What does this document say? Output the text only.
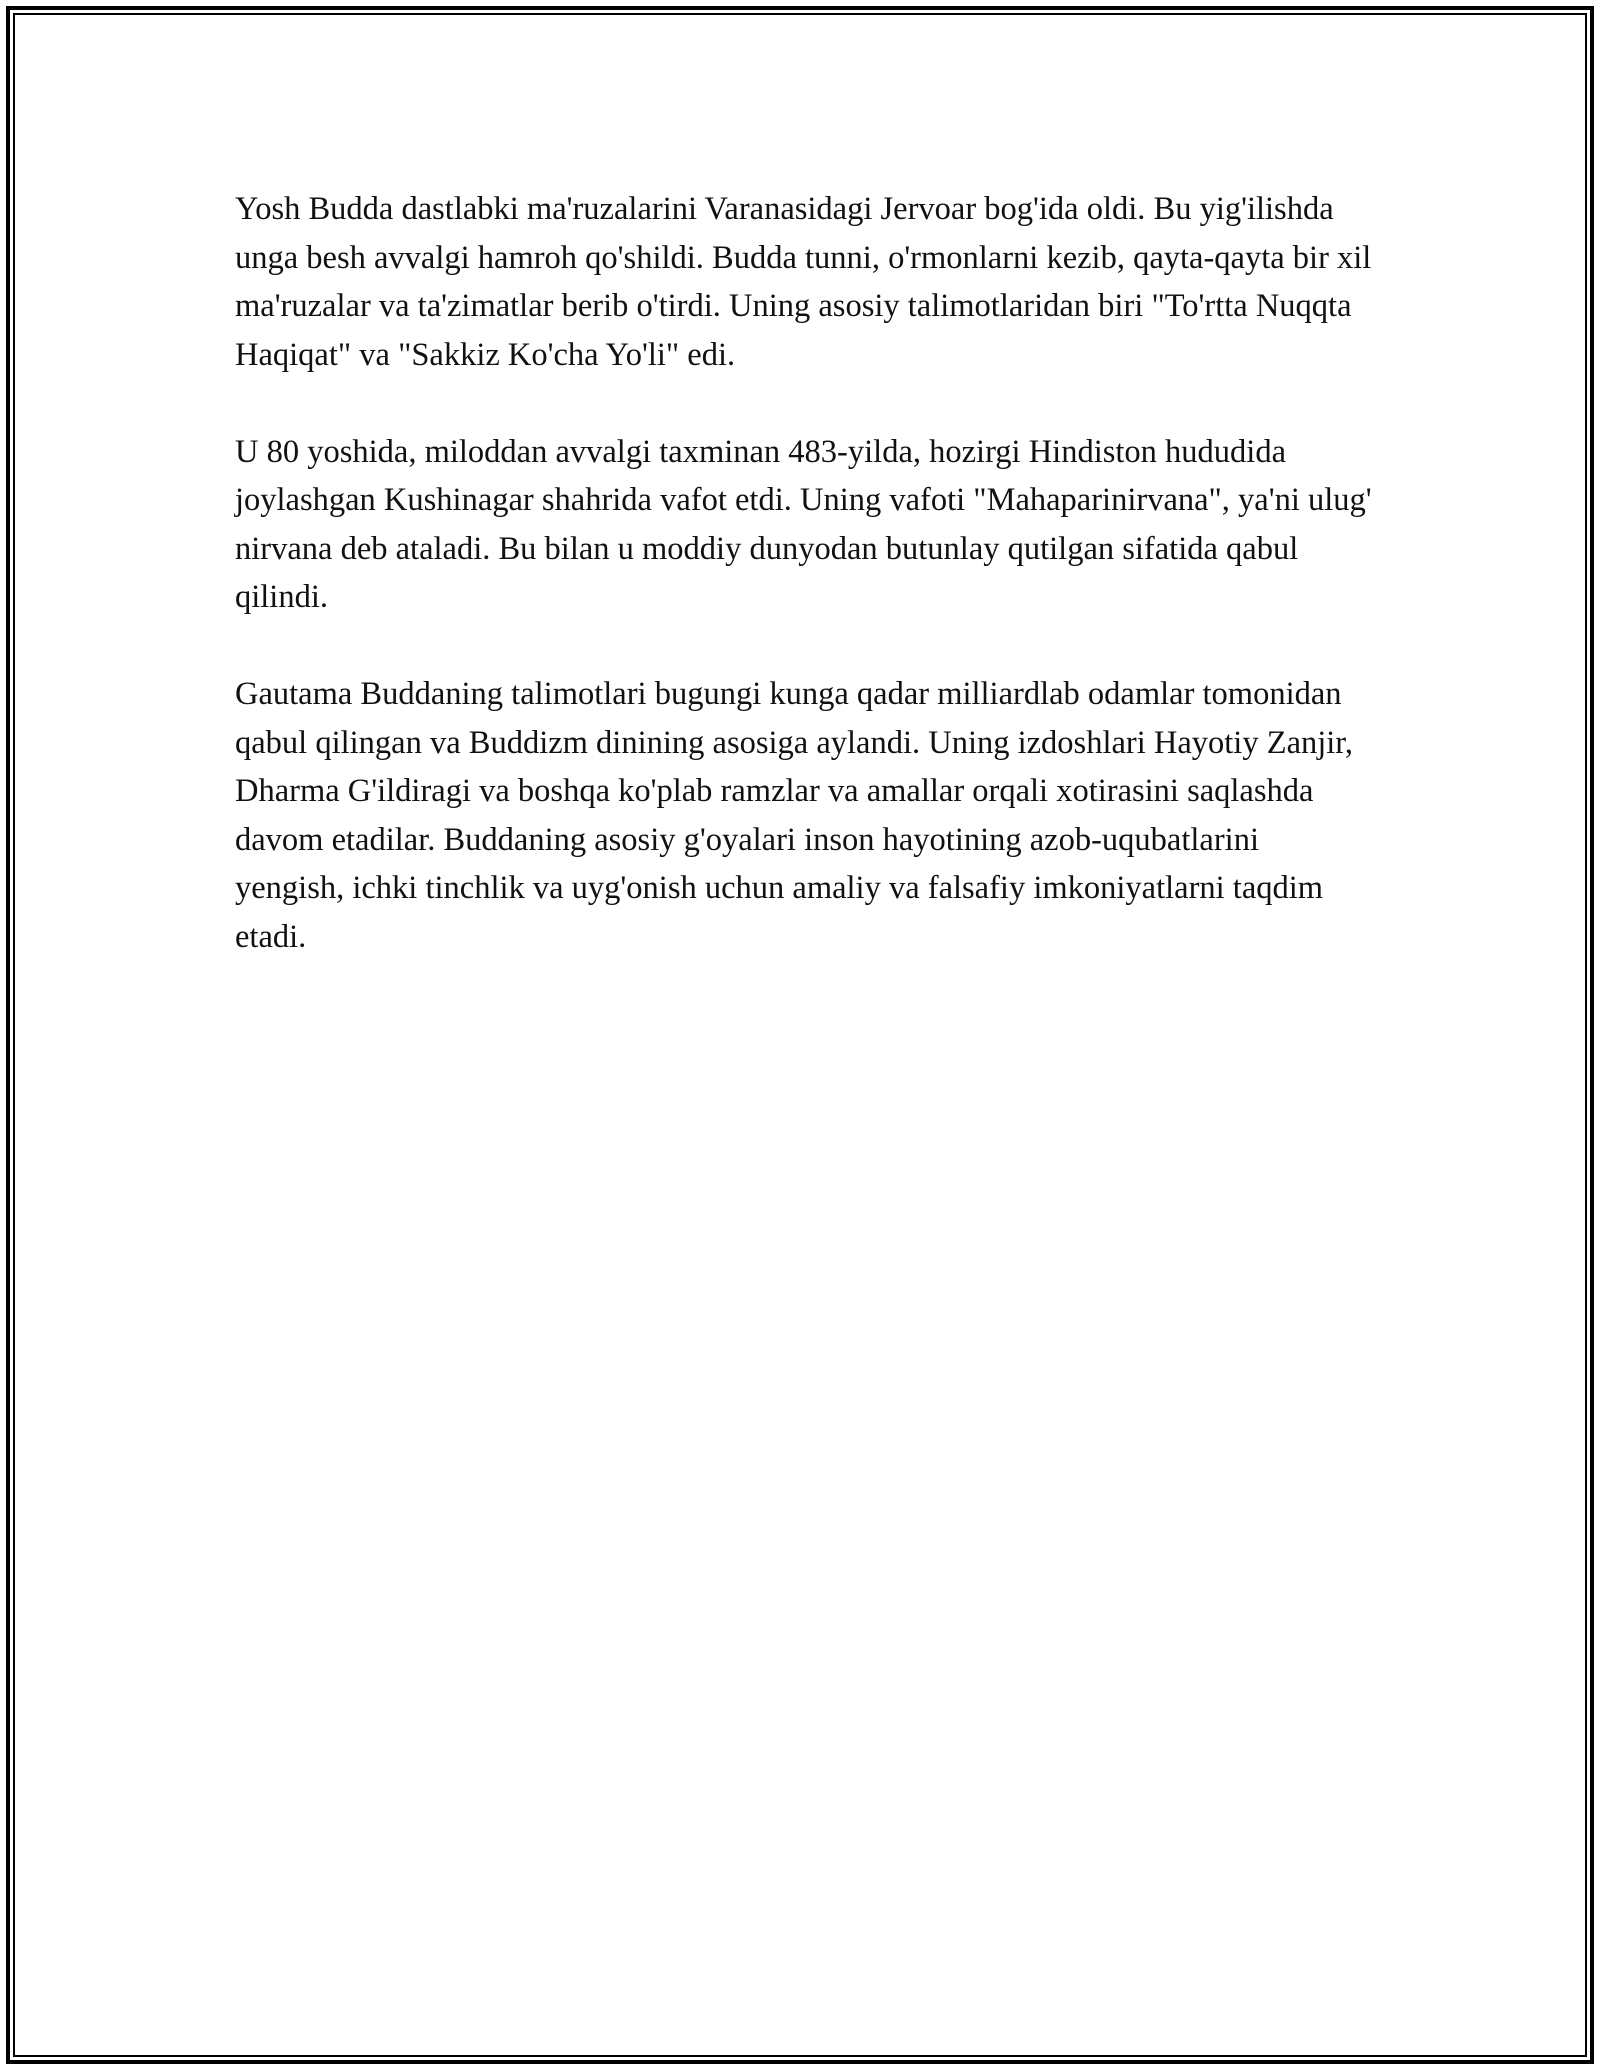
Yosh Budda dastlabki ma'ruzalarini Varanasidagi Jervoar bog'ida oldi. Bu yig'ilishda unga besh avvalgi hamroh qo'shildi. Budda tunni, o'rmonlarni kezib, qayta-qayta bir xil ma'ruzalar va ta'zimatlar berib o'tirdi. Uning asosiy talimotlaridan biri "To'rtta Nuqqta Haqiqat" va "Sakkiz Ko'cha Yo'li" edi.

U 80 yoshida, miloddan avvalgi taxminan 483-yilda, hozirgi Hindiston hududida joylashgan Kushinagar shahrida vafot etdi. Uning vafoti "Mahaparinirvana", ya'ni ulug' nirvana deb ataladi. Bu bilan u moddiy dunyodan butunlay qutilgan sifatida qabul qilindi.

Gautama Buddaning talimotlari bugungi kunga qadar milliardlab odamlar tomonidan qabul qilingan va Buddizm dinining asosiga aylandi. Uning izdoshlari Hayotiy Zanjir, Dharma G'ildiragi va boshqa ko'plab ramzlar va amallar orqali xotirasini saqlashda davom etadilar. Buddaning asosiy g'oyalari inson hayotining azob-uqubatlarini yengish, ichki tinchlik va uyg'onish uchun amaliy va falsafiy imkoniyatlarni taqdim etadi.
